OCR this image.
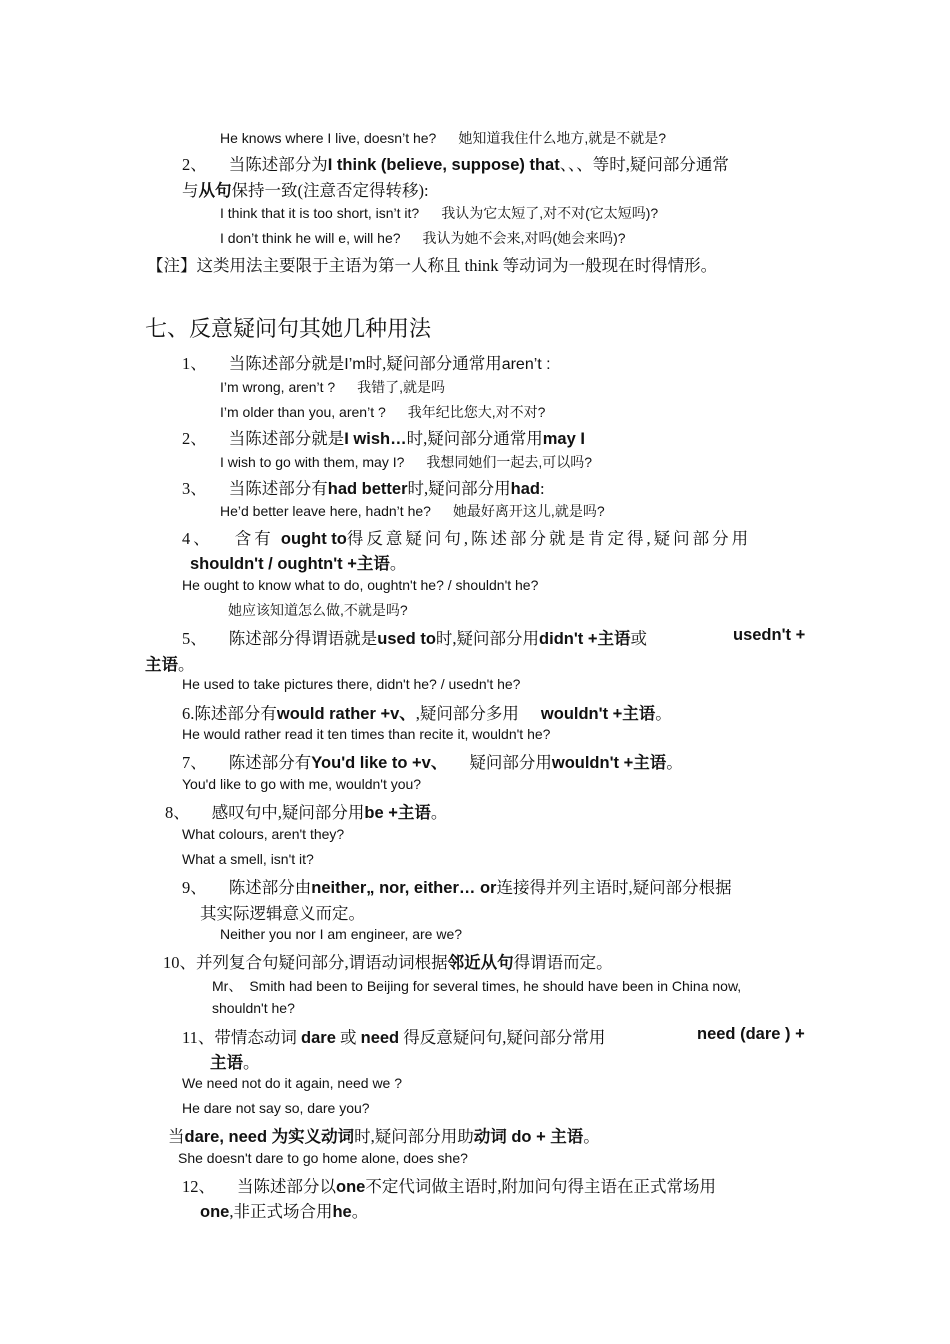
He knows where I live, doesn’t he? 她知道我住什么地方,就是不就是?
2、 当陈述部分为I think (believe, suppose) that、、、等时,疑问部分通常
与从句保持一致(注意否定得转移):
I think that it is too short, isn’t it? 我认为它太短了,对不对(它太短吗)?
I don’t think he will e, will he? 我认为她不会来,对吗(她会来吗)?
【注】这类用法主要限于主语为第一人称且 think 等动词为一般现在时得情形。
七、反意疑问句其她几种用法
1、 当陈述部分就是I’m时,疑问部分通常用aren’t :
I’m wrong, aren’t ? 我错了,就是吗
I’m older than you, aren’t ? 我年纪比您大,对不对?
2、 当陈述部分就是I wish…时,疑问部分通常用may I
I wish to go with them, may I? 我想同她们一起去,可以吗?
3、 当陈述部分有had better时,疑问部分用had:
He’d better leave here, hadn’t he? 她最好离开这儿,就是吗?
4、 含有 ought to得反意疑问句,陈述部分就是肯定得,疑问部分用
shouldn't / oughtn't +主语。
He ought to know what to do, oughtn't he? / shouldn't he?
她应该知道怎么做,不就是吗?
5、 陈述部分得谓语就是used to时,疑问部分用didn't +主语或	usedn't +
主语。
He used to take pictures there, didn't he? / usedn't he?
6.陈述部分有would rather +v、,疑问部分多用 wouldn't +主语。
He would rather read it ten times than recite it, wouldn't he?
7、 陈述部分有You'd like to +v、 疑问部分用wouldn't +主语。
You'd like to go with me, wouldn't you?
8、 感叹句中,疑问部分用be +主语。
What colours, aren't they?
What a smell, isn't it?
9、 陈述部分由neither„ nor, either… or连接得并列主语时,疑问部分根据
其实际逻辑意义而定。
Neither you nor I am engineer, are we?
10、并列复合句疑问部分,谓语动词根据邻近从句得谓语而定。
Mr、　Smith had been to Beijing for several times, he should have been in China now,
shouldn't he?
11、带情态动词 dare 或 need 得反意疑问句,疑问部分常用	need (dare ) +
主语。
We need not do it again, need we ?
He dare not say so, dare you?
当dare, need 为实义动词时,疑问部分用助动词 do + 主语。
She doesn't dare to go home alone, does she?
12、 当陈述部分以one不定代词做主语时,附加问句得主语在正式常场用
one,非正式场合用he。
